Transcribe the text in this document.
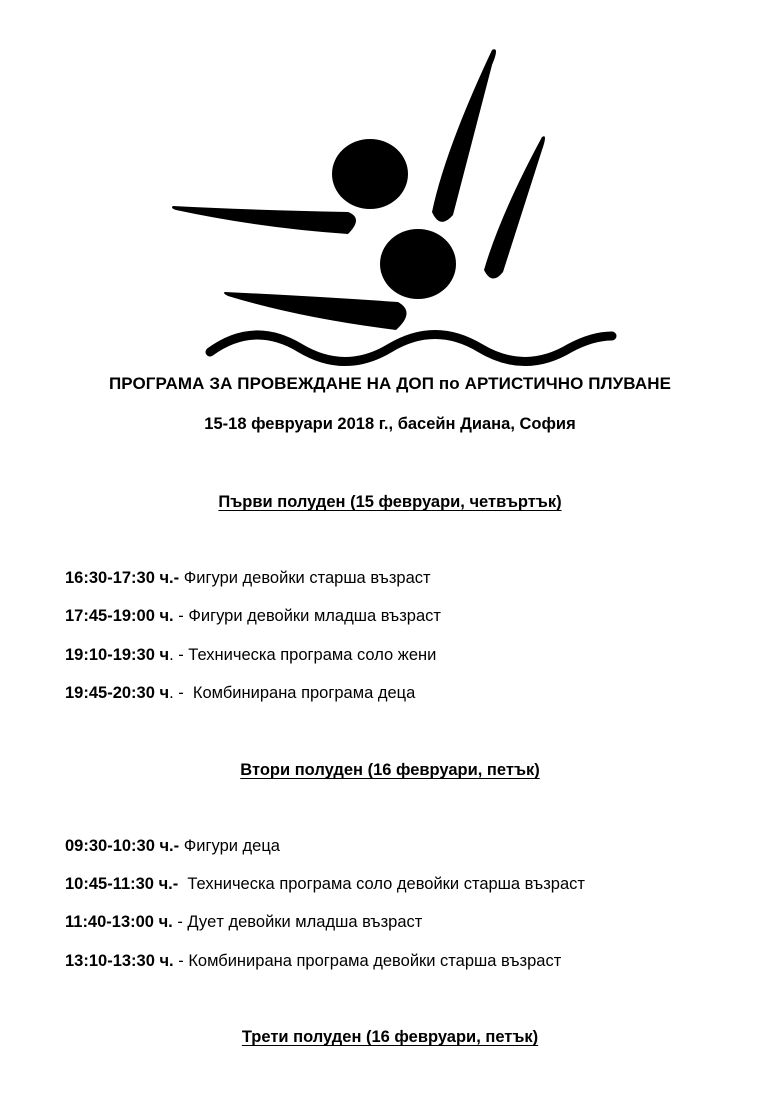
ПРОГРАМА ЗА ПРОВЕЖДАНЕ НА ДОП по АРТИСТИЧНО ПЛУВАНЕ
15-18 февруари 2018 г., басейн Диана, София
Първи полуден (15 февруари, четвъртък)
16:30-17:30 ч.- Фигури девойки старша възраст
17:45-19:00 ч. - Фигури девойки младша възраст
19:10-19:30 ч. - Техническа програма соло жени
19:45-20:30 ч. -  Комбинирана програма деца
Втори полуден (16 февруари, петък)
09:30-10:30 ч.- Фигури деца
10:45-11:30 ч.-  Техническа програма соло девойки старша възраст
11:40-13:00 ч. - Дуeт девойки младша възраст
13:10-13:30 ч. - Комбинирана програма девойки старша възраст
Трети полуден (16 февруари, петък)
